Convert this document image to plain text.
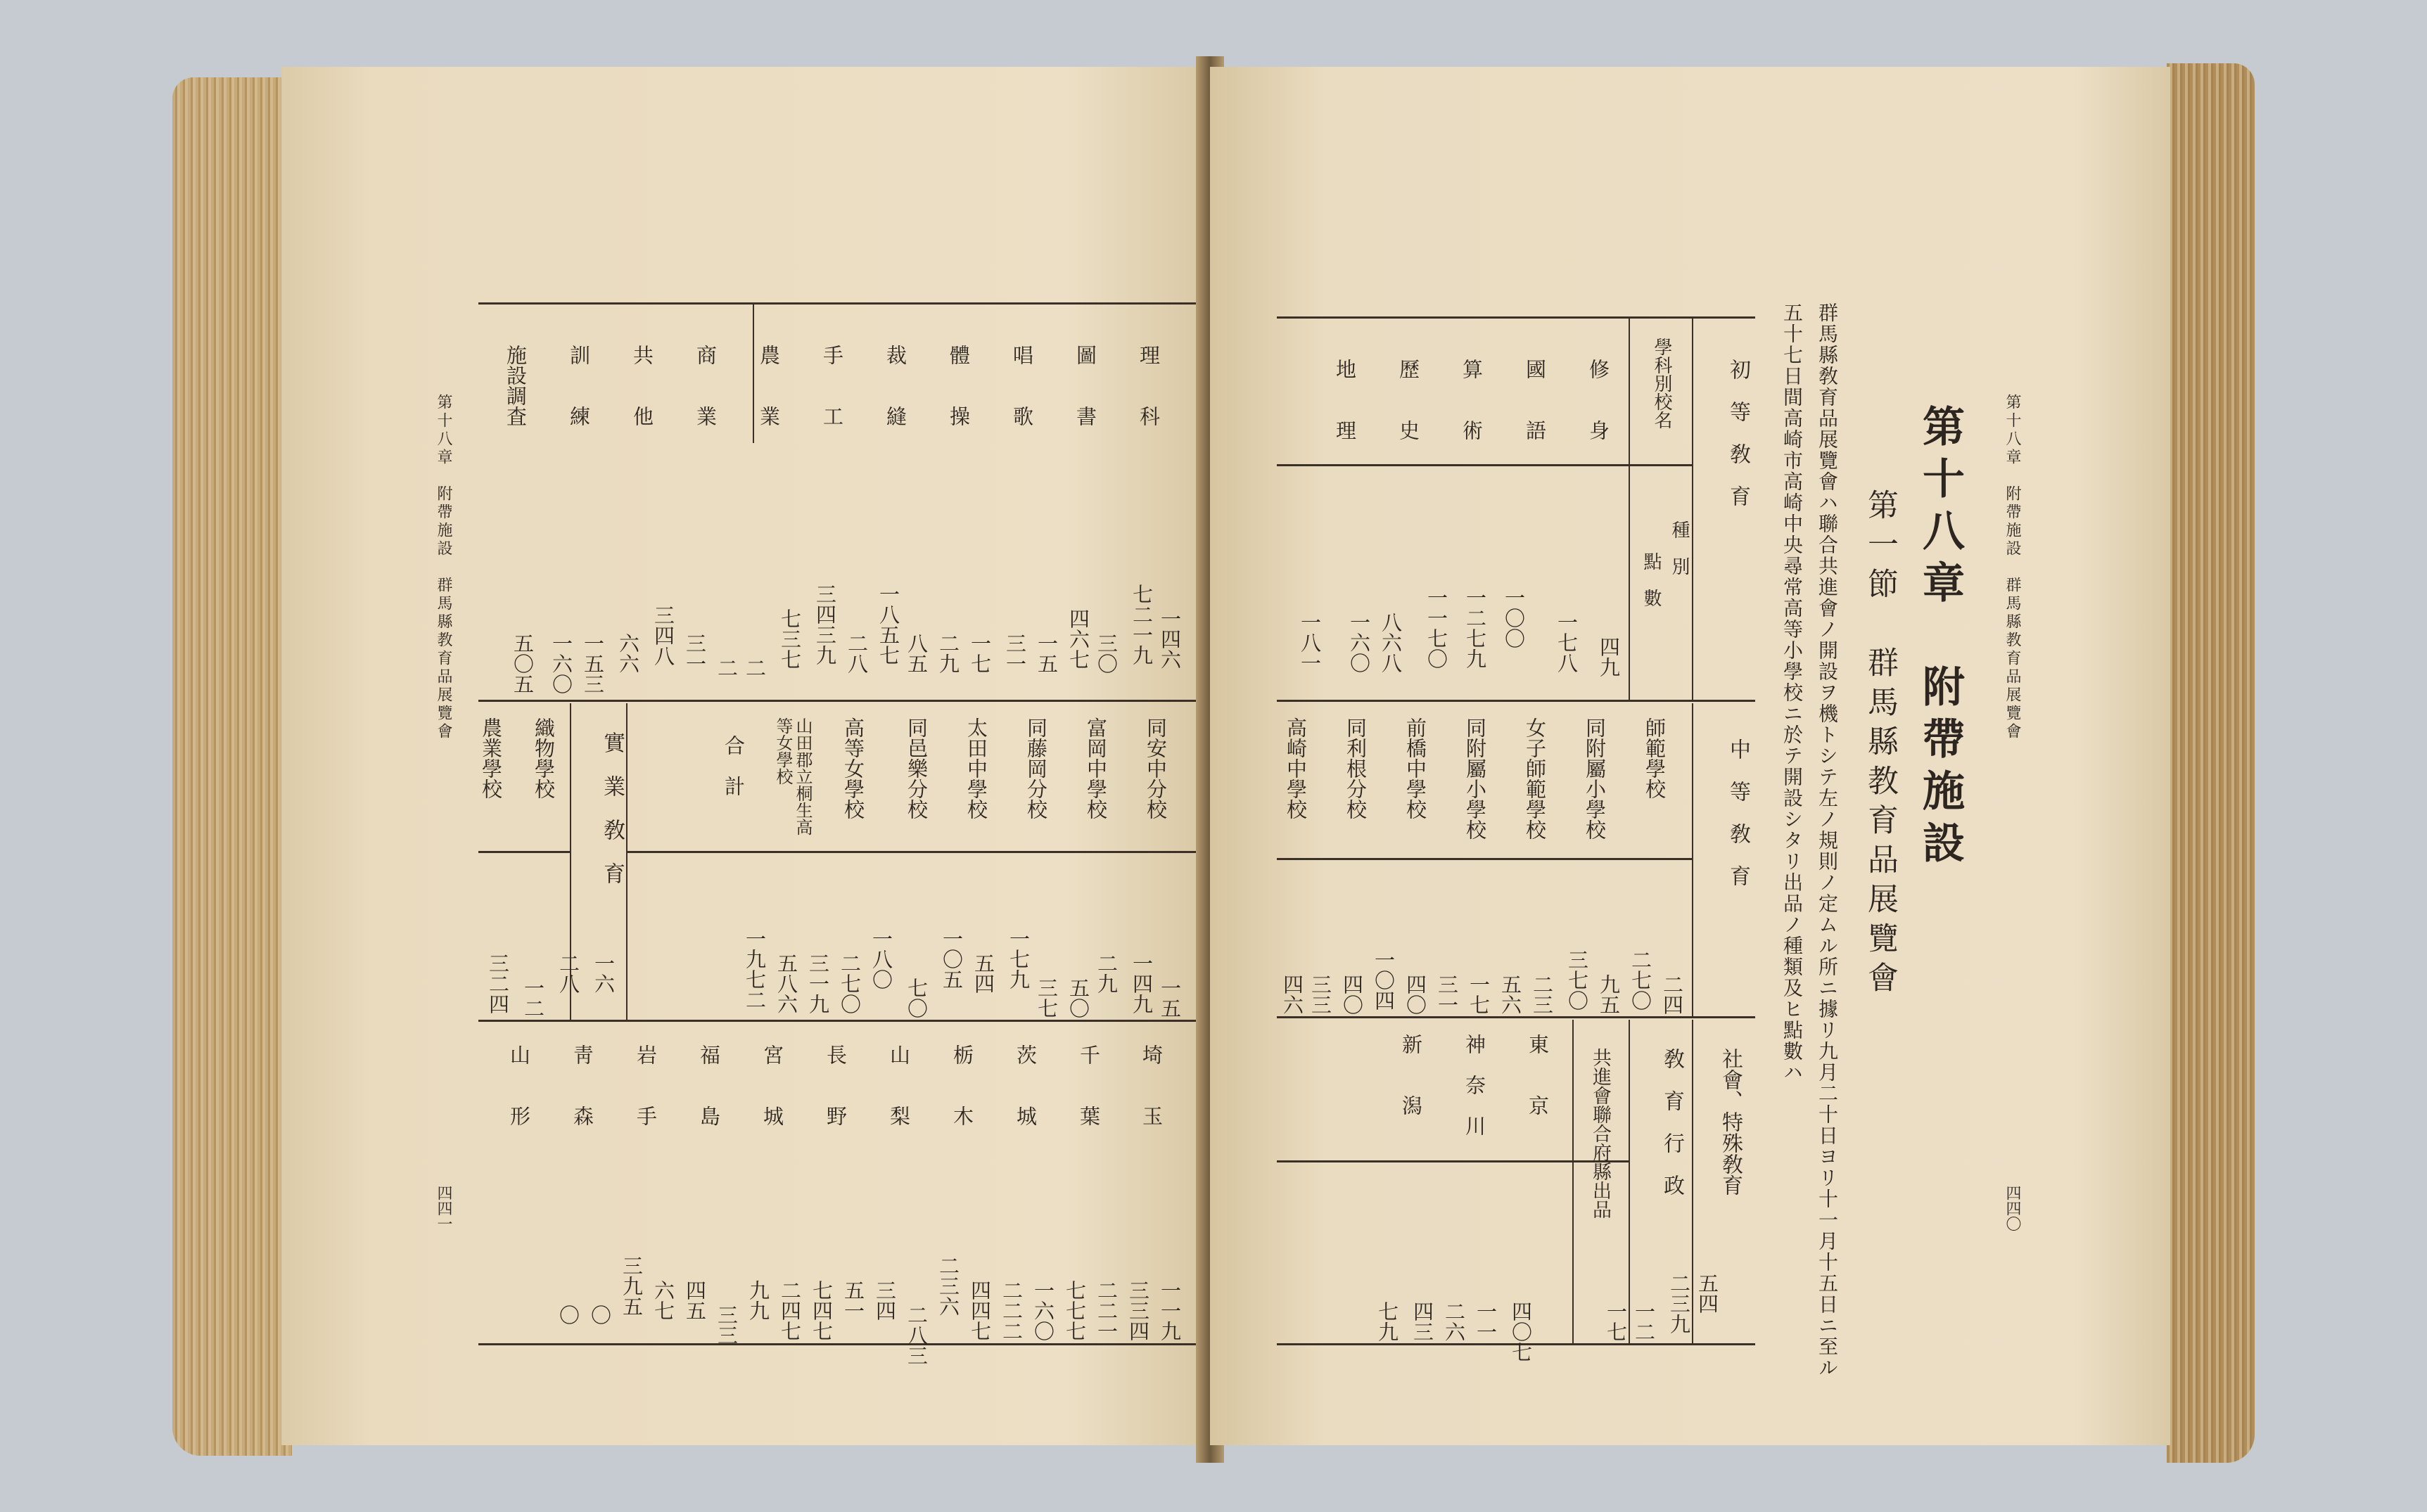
第十八章　附帶施設　群馬縣教育品展覽會
四四一
理　　科
圖　　書
唱　　歌
體　　操
裁　　縫
手　　工
農　　業
商　　業
共　　他
訓　　練
施設調査
一四六
七二一九
三〇
四六七
一五
三一
一七
二九
八五
一八五七
二八
三四三九
七三七
二
二
三一
三四八
六六
一五三
一六〇
五〇五
實　業　敎　育	同安中分校
富岡中學校
同藤岡分校
太田中學校
同邑樂分校
高等女學校
山田郡立桐生高等女學校
合　計
織物學校
農業學校
一五
一四九
二九
五〇
三七
一七九
五四
一〇五
七〇
一八〇
二七〇
三一九
五八六
一九七二
一六
二八
一二
三二四
埼　　玉
千　　葉
茨　　城
栃　　木
山　　梨
長　　野
宮　　城
福　　島
岩　　手
靑　　森
山　　形
一一九
三三四
二二一
七七七
一六〇
二二二
四四七
二三六
二八三
三四
五一
七四七
二四七
九九
三三
四五
六七
三九五
〇
〇
第十八章　附帶施設　群馬縣教育品展覽會
四四〇
第十八章　附帶施設
第一節　群馬縣教育品展覽會
群馬縣敎育品展覽會ハ聯合共進會ノ開設ヲ機トシテ左ノ規則ノ定ムル所ニ據リ九月二十日ヨリ十一月十五日ニ至ル
五十七日間高崎市高崎中央尋常高等小學校ニ於テ開設シタリ出品ノ種類及ヒ點數ハ
初　等　敎　育
學科別校名
種　別
點　數
修　　身
國　　語
算　　術
歷　　史
地　　理
四九
一七八
一〇〇
一二七九
一一七〇
八六八
一六〇
一八一
中　等　敎　育
師範學校
同附屬小學校
女子師範學校
同附屬小學校
前橋中學校
同利根分校
高崎中學校
二四
二七〇
九五
三七〇
二三
五六
一七
三一
四〇
一〇四
四〇
三三
四六
社會、特殊敎育
敎　育　行　政
共進會聯合府縣出品
東　　京
神　奈　川
新　　潟
五四
二三九
一二
一七
四〇七
一一
二六
四三
七九
